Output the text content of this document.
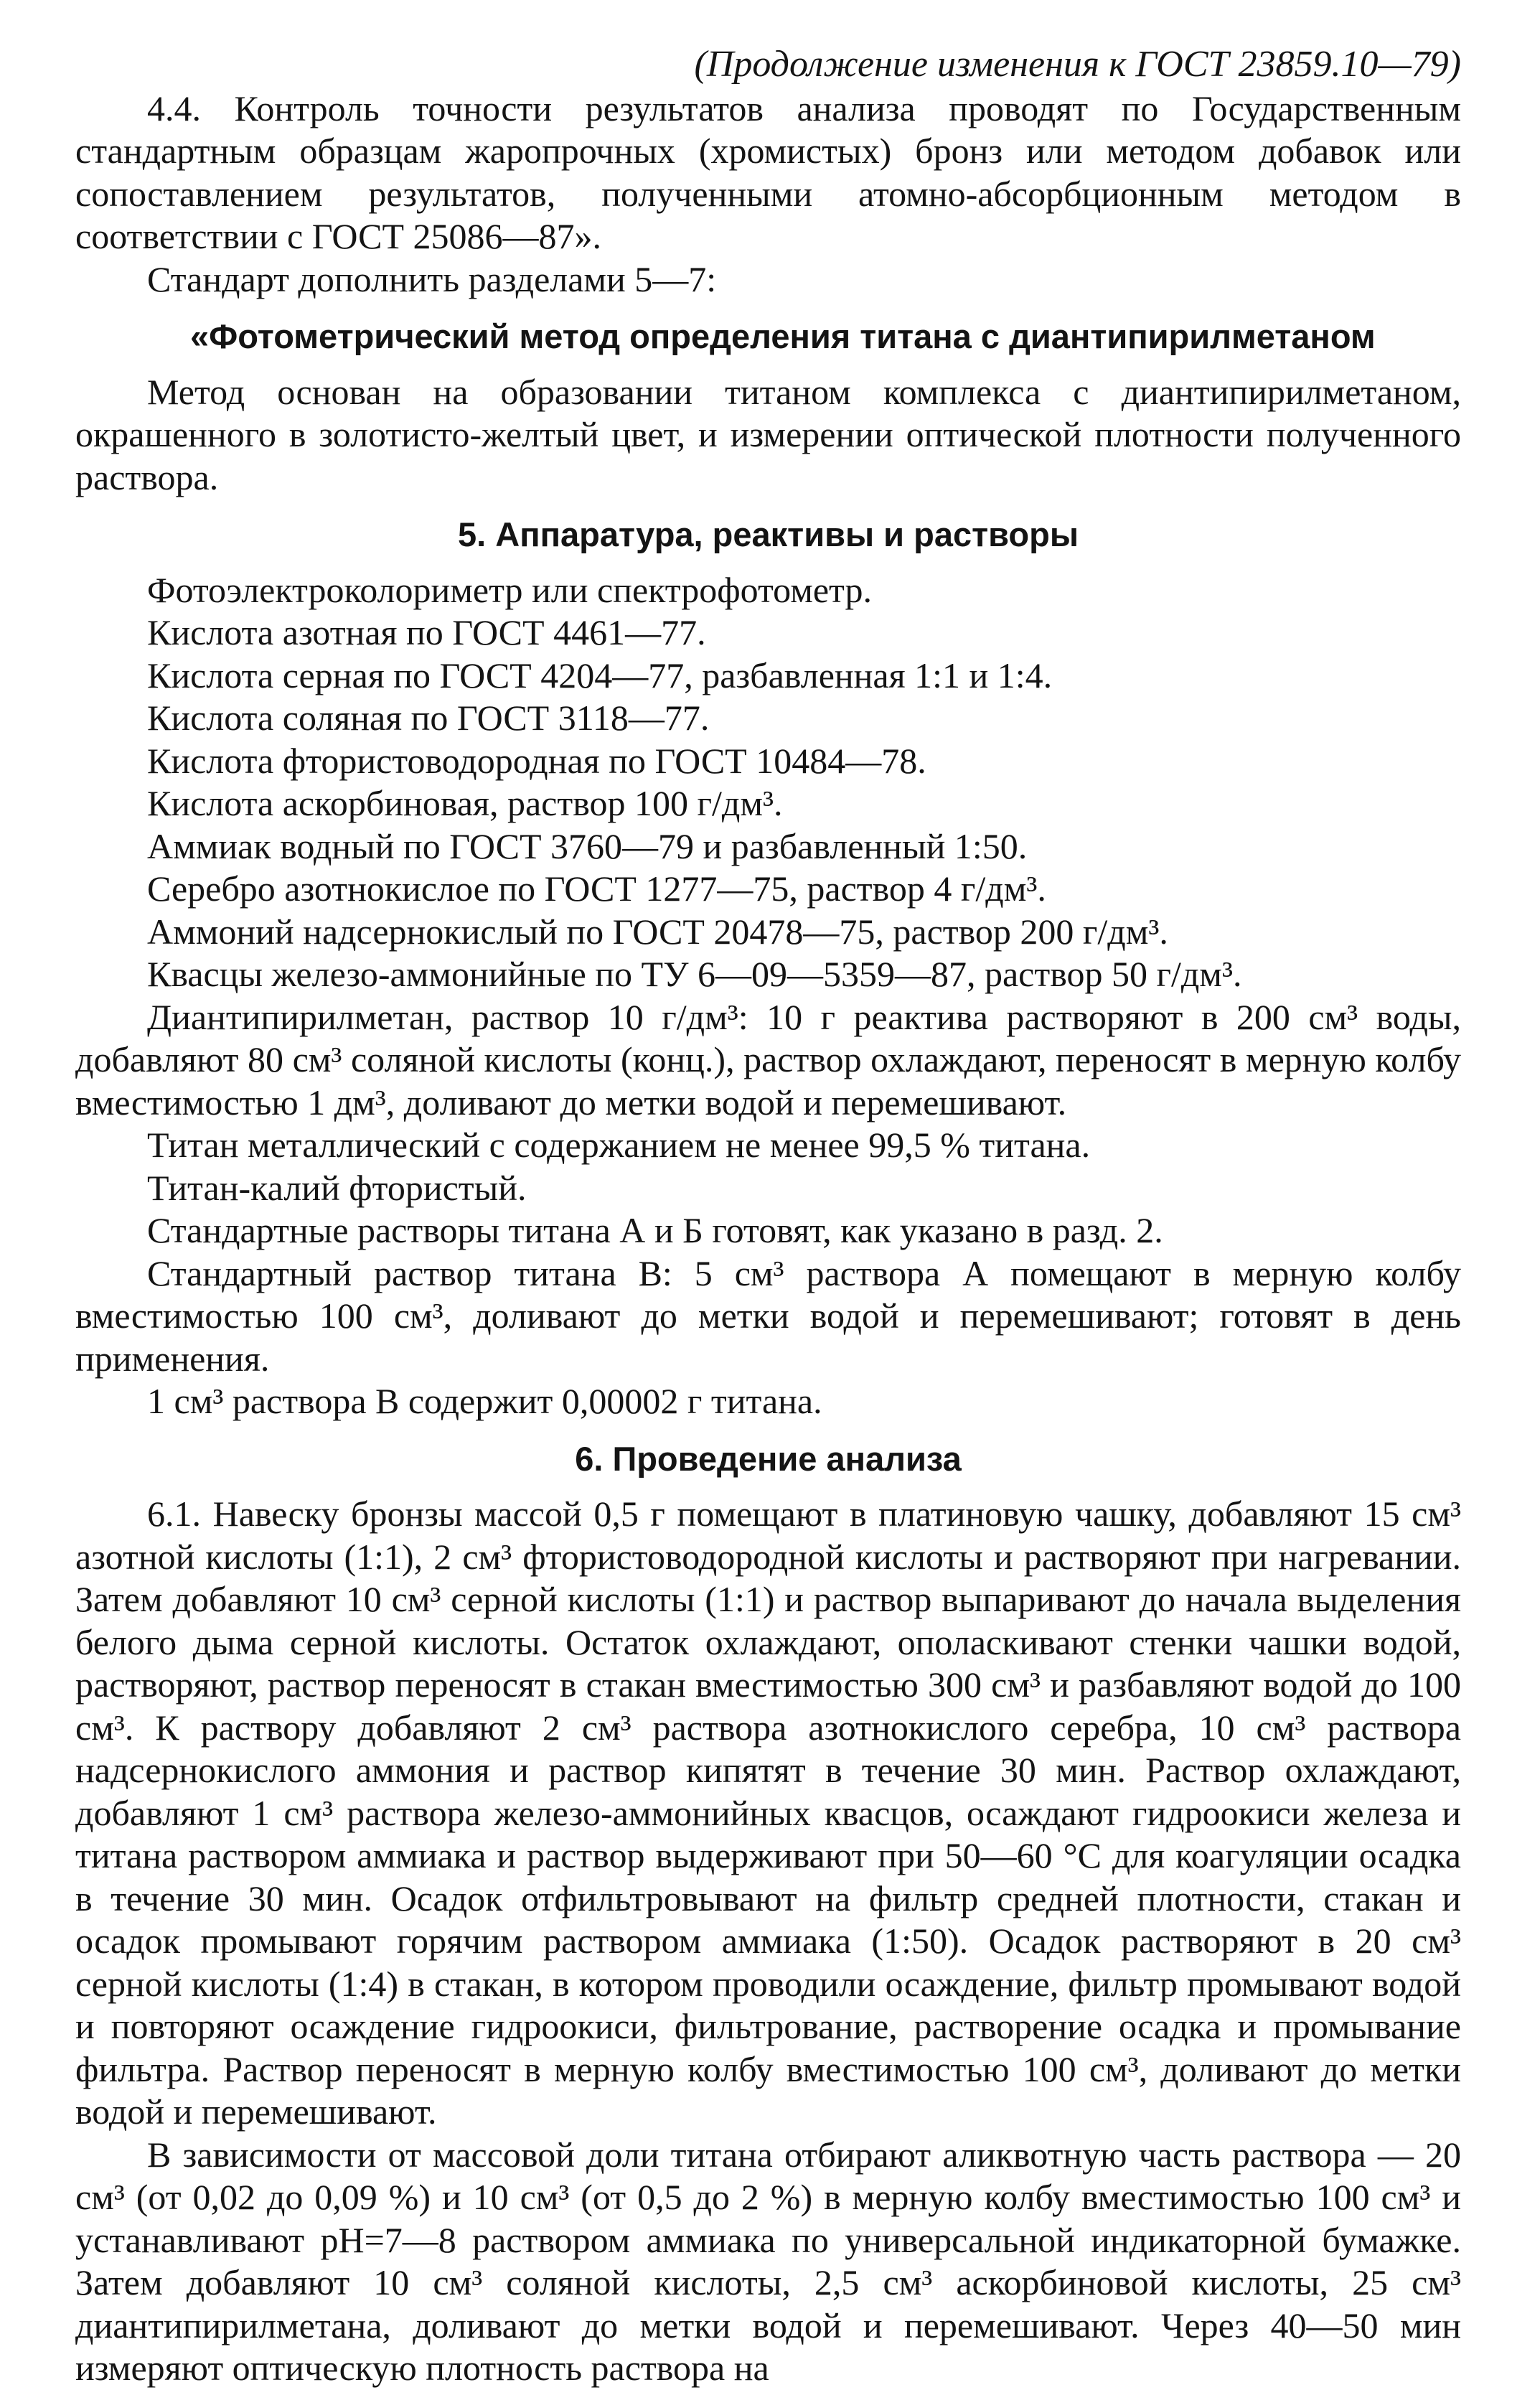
(Продолжение изменения к ГОСТ 23859.10—79)

4.4. Контроль точности результатов анализа проводят по Государственным стандартным образцам жаропрочных (хромистых) бронз или методом добавок или сопоставлением результатов, полученными атомно-абсорбционным методом в соответствии с ГОСТ 25086—87».

Стандарт дополнить разделами 5—7:

«Фотометрический метод определения титана с диантипирилметаном

Метод основан на образовании титаном комплекса с диантипирилметаном, окрашенного в золотисто-желтый цвет, и измерении оптической плотности полученного раствора.

5. Аппаратура, реактивы и растворы

Фотоэлектроколориметр или спектрофотометр.

Кислота азотная по ГОСТ 4461—77.

Кислота серная по ГОСТ 4204—77, разбавленная 1:1 и 1:4.

Кислота соляная по ГОСТ 3118—77.

Кислота фтористоводородная по ГОСТ 10484—78.

Кислота аскорбиновая, раствор 100 г/дм³.

Аммиак водный по ГОСТ 3760—79 и разбавленный 1:50.

Серебро азотнокислое по ГОСТ 1277—75, раствор 4 г/дм³.

Аммоний надсернокислый по ГОСТ 20478—75, раствор 200 г/дм³.

Квасцы железо-аммонийные по ТУ 6—09—5359—87, раствор 50 г/дм³.

Диантипирилметан, раствор 10 г/дм³: 10 г реактива растворяют в 200 см³ воды, добавляют 80 см³ соляной кислоты (конц.), раствор охлаждают, переносят в мерную колбу вместимостью 1 дм³, доливают до метки водой и перемешивают.

Титан металлический с содержанием не менее 99,5 % титана.

Титан-калий фтористый.

Стандартные растворы титана А и Б готовят, как указано в разд. 2.

Стандартный раствор титана В: 5 см³ раствора А помещают в мерную колбу вместимостью 100 см³, доливают до метки водой и перемешивают; готовят в день применения.

1 см³ раствора В содержит 0,00002 г титана.

6. Проведение анализа

6.1. Навеску бронзы массой 0,5 г помещают в платиновую чашку, добавляют 15 см³ азотной кислоты (1:1), 2 см³ фтористоводородной кислоты и растворяют при нагревании. Затем добавляют 10 см³ серной кислоты (1:1) и раствор выпаривают до начала выделения белого дыма серной кислоты. Остаток охлаждают, ополаскивают стенки чашки водой, растворяют, раствор переносят в стакан вместимостью 300 см³ и разбавляют водой до 100 см³. К раствору добавляют 2 см³ раствора азотнокислого серебра, 10 см³ раствора надсернокислого аммония и раствор кипятят в течение 30 мин. Раствор охлаждают, добавляют 1 см³ раствора железо-аммонийных квасцов, осаждают гидроокиси железа и титана раствором аммиака и раствор выдерживают при 50—60 °С для коагуляции осадка в течение 30 мин. Осадок отфильтровывают на фильтр средней плотности, стакан и осадок промывают горячим раствором аммиака (1:50). Осадок растворяют в 20 см³ серной кислоты (1:4) в стакан, в котором проводили осаждение, фильтр промывают водой и повторяют осаждение гидроокиси, фильтрование, растворение осадка и промывание фильтра. Раствор переносят в мерную колбу вместимостью 100 см³, доливают до метки водой и перемешивают.

В зависимости от массовой доли титана отбирают аликвотную часть раствора — 20 см³ (от 0,02 до 0,09 %) и 10 см³ (от 0,5 до 2 %) в мерную колбу вместимостью 100 см³ и устанавливают pH=7—8 раствором аммиака по универсальной индикаторной бумажке. Затем добавляют 10 см³ соляной кислоты, 2,5 см³ аскорбиновой кислоты, 25 см³ диантипирилметана, доливают до метки водой и перемешивают. Через 40—50 мин измеряют оптическую плотность раствора на
